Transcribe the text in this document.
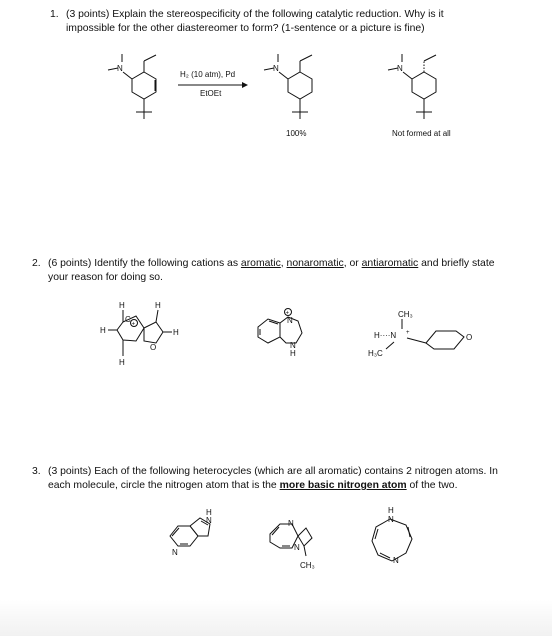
1. (3 points) Explain the stereospecificity of the following catalytic reduction. Why is it
impossible for the other diastereomer to form? (1-sentence or a picture is fine)
N
H₂ (10 atm), Pd
EtOEt
N
100%
N
Not formed at all
2. (6 points) Identify the following cations as aromatic, nonaromatic, or antiaromatic and briefly state
your reason for doing so.
H	H
C
+
H	H
O
H
+
N
N
H
CH₃
H····N +
H₃C
O
3. (3 points) Each of the following heterocycles (which are all aromatic) contains 2 nitrogen atoms. In
each molecule, circle the nitrogen atom that is the more basic nitrogen atom of the two.
N
N
H
N
N
CH₃
H
N
N
